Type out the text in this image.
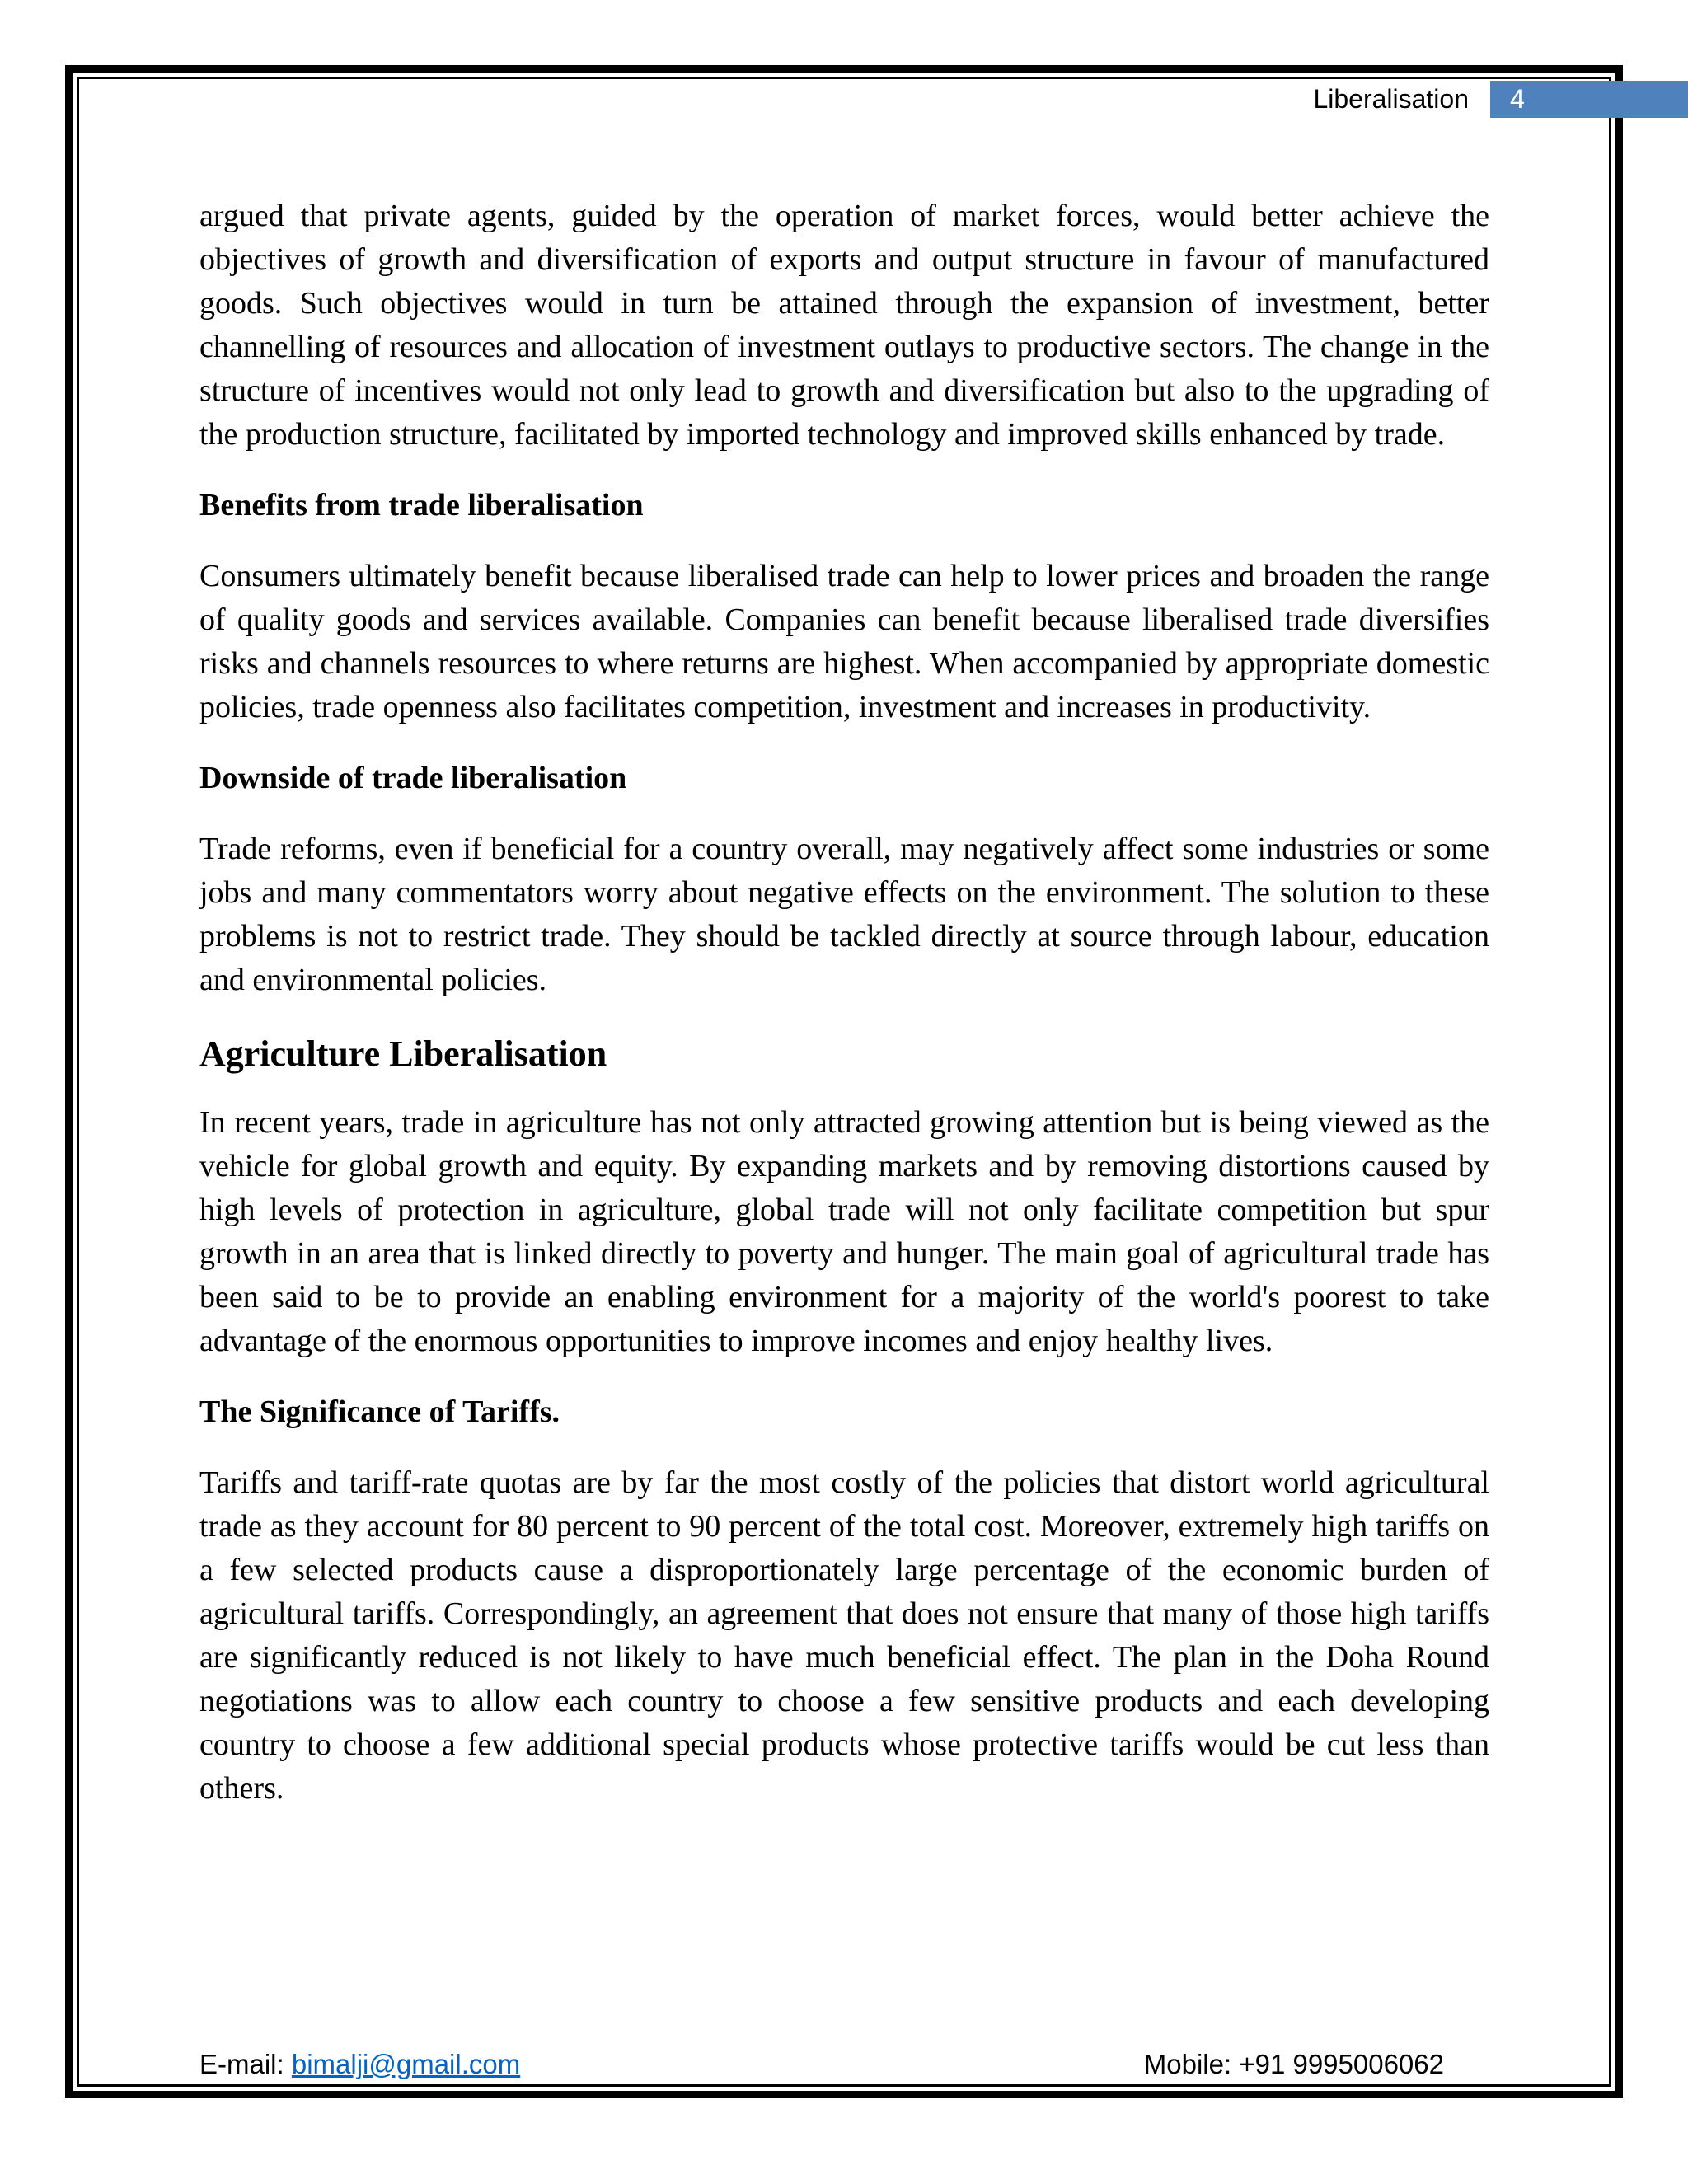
Liberalisation 4

argued that private agents, guided by the operation of market forces, would better achieve the objectives of growth and diversification of exports and output structure in favour of manufactured goods. Such objectives would in turn be attained through the expansion of investment, better channelling of resources and allocation of investment outlays to productive sectors. The change in the structure of incentives would not only lead to growth and diversification but also to the upgrading of the production structure, facilitated by imported technology and improved skills enhanced by trade.

Benefits from trade liberalisation

Consumers ultimately benefit because liberalised trade can help to lower prices and broaden the range of quality goods and services available. Companies can benefit because liberalised trade diversifies risks and channels resources to where returns are highest. When accompanied by appropriate domestic policies, trade openness also facilitates competition, investment and increases in productivity.

Downside of trade liberalisation

Trade reforms, even if beneficial for a country overall, may negatively affect some industries or some jobs and many commentators worry about negative effects on the environment. The solution to these problems is not to restrict trade. They should be tackled directly at source through labour, education and environmental policies.

Agriculture Liberalisation

In recent years, trade in agriculture has not only attracted growing attention but is being viewed as the vehicle for global growth and equity. By expanding markets and by removing distortions caused by high levels of protection in agriculture, global trade will not only facilitate competition but spur growth in an area that is linked directly to poverty and hunger. The main goal of agricultural trade has been said to be to provide an enabling environment for a majority of the world's poorest to take advantage of the enormous opportunities to improve incomes and enjoy healthy lives.

The Significance of Tariffs.

Tariffs and tariff-rate quotas are by far the most costly of the policies that distort world agricultural trade as they account for 80 percent to 90 percent of the total cost. Moreover, extremely high tariffs on a few selected products cause a disproportionately large percentage of the economic burden of agricultural tariffs. Correspondingly, an agreement that does not ensure that many of those high tariffs are significantly reduced is not likely to have much beneficial effect. The plan in the Doha Round negotiations was to allow each country to choose a few sensitive products and each developing country to choose a few additional special products whose protective tariffs would be cut less than others.

E-mail: bimalji@gmail.com	Mobile: +91 9995006062
